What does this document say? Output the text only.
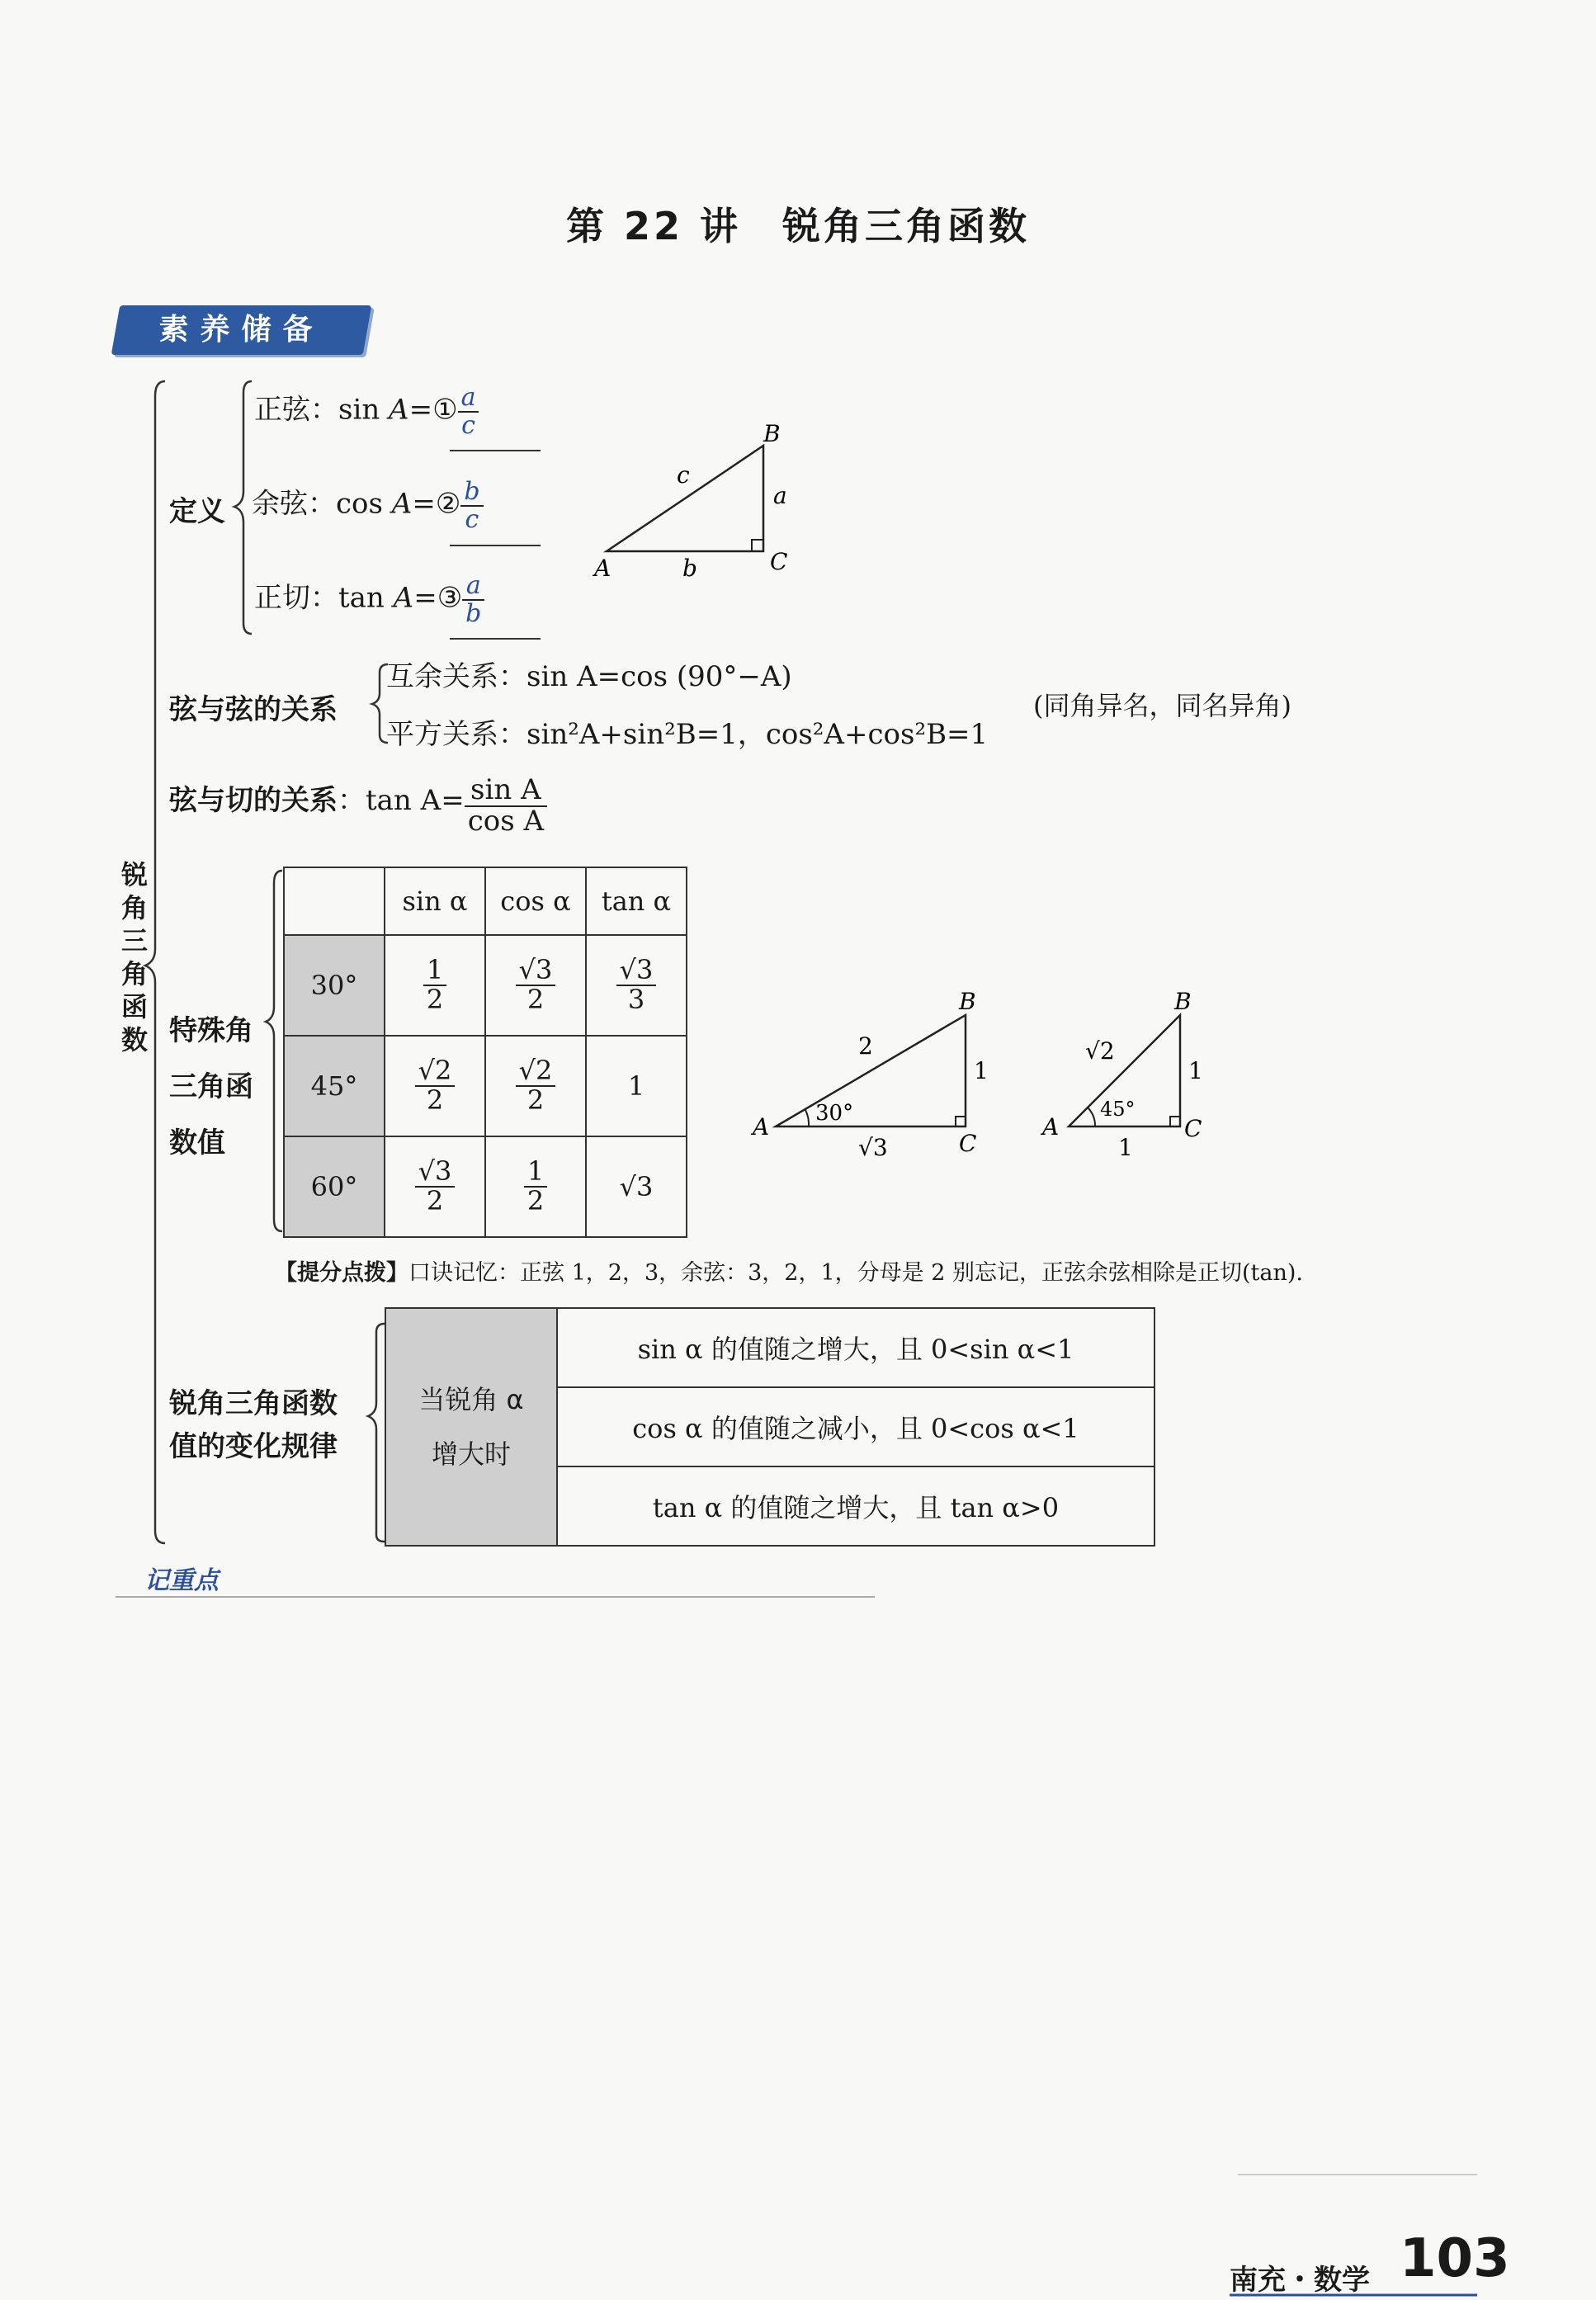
第 22 讲　锐角三角函数
素养储备
锐角三角函数
定义
正弦：sin A=① $\frac{a}{c}$
余弦：cos A=② $\frac{b}{c}$
正切：tan A=③ $\frac{a}{b}$
B
A	C
a
b
c
弦与弦的关系
互余关系：sin A=cos (90°−A)
平方关系：sin²A+sin²B=1，cos²A+cos²B=1
(同角异名，同名异角)
弦与切的关系：$\tan A= \frac{\text{sin A}}{\text{cos A}}$
特殊角
三角函
数值
	sin α	cos α	tan α
30°	$\frac{1}{2}$	$\frac{√3}{2}$	$\frac{√3}{3}$

45°	$\frac{√2}{2}$	$\frac{√2}{2}$	1
60°	$\frac{√3}{2}$	$\frac{1}{2}$	√3
B
A
C
2
1
√3
30°
B
A	C
√2
1
1
45°
【提分点拨】口诀记忆：正弦 1，2，3，余弦：3，2，1，分母是 2 别忘记，正弦余弦相除是正切(tan).
锐角三角函数
值的变化规律
当锐角 α
增大时
	sin α 的值随之增大，且 0<sin α<1
cos α 的值随之减小，且 0<cos α<1
tan α 的值随之增大，且 tan α>0
记重点
南充・数学 103
